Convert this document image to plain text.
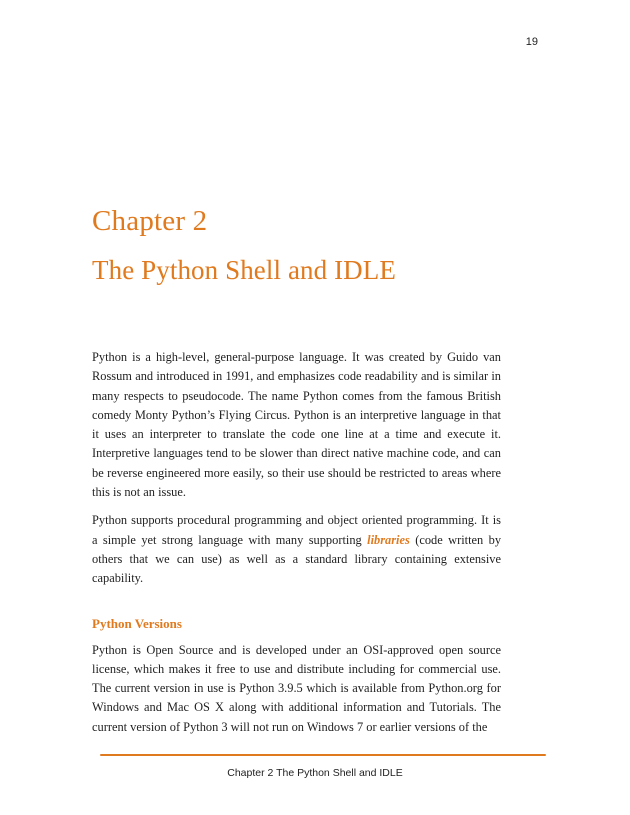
19
Chapter 2
The Python Shell and IDLE

Python is a high-level, general-purpose language. It was created by Guido van Rossum and introduced in 1991, and emphasizes code readability and is similar in many respects to pseudocode. The name Python comes from the famous British comedy Monty Python’s Flying Circus. Python is an interpretive language in that it uses an interpreter to translate the code one line at a time and execute it. Interpretive languages tend to be slower than direct native machine code, and can be reverse engineered more easily, so their use should be restricted to areas where this is not an issue.

Python supports procedural programming and object oriented programming. It is a simple yet strong language with many supporting libraries (code written by others that we can use) as well as a standard library containing extensive capability.

Python Versions

Python is Open Source and is developed under an OSI-approved open source license, which makes it free to use and distribute including for commercial use. The current version in use is Python 3.9.5 which is available from Python.org for Windows and Mac OS X along with additional information and Tutorials. The current version of Python 3 will not run on Windows 7 or earlier versions of the

Chapter 2 The Python Shell and IDLE
